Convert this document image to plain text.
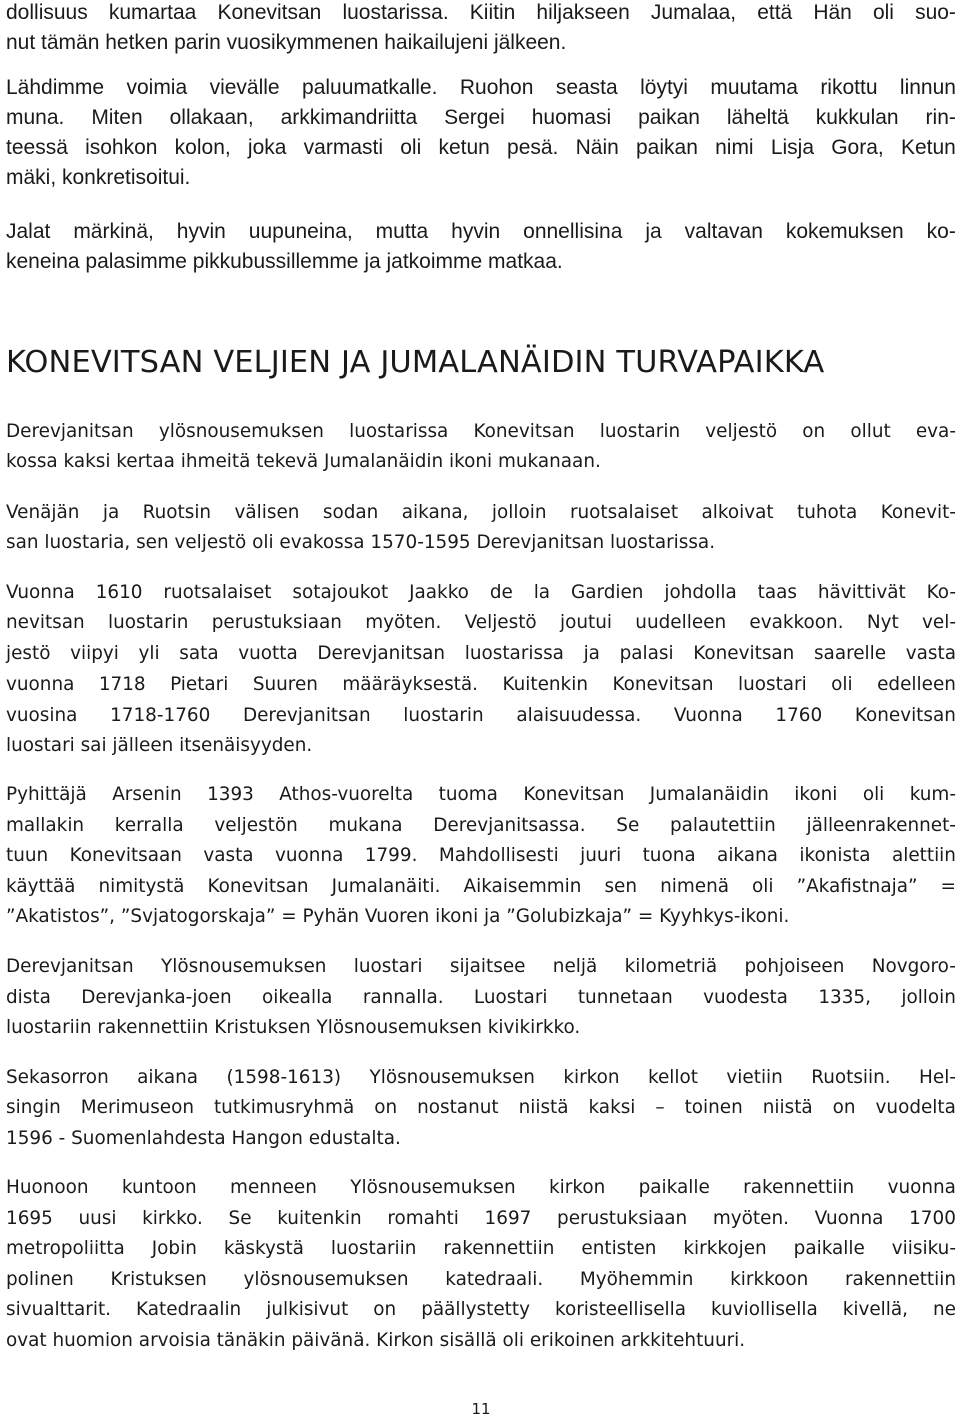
dollisuus kumartaa Konevitsan luostarissa. Kiitin hiljakseen Jumalaa, että Hän oli suo-
nut tämän hetken parin vuosikymmenen haikailujeni jälkeen.
Lähdimme voimia vievälle paluumatkalle. Ruohon seasta löytyi muutama rikottu linnun
muna. Miten ollakaan, arkkimandriitta Sergei huomasi paikan läheltä kukkulan rin-
teessä isohkon kolon, joka varmasti oli ketun pesä. Näin paikan nimi Lisja Gora, Ketun
mäki, konkretisoitui.
Jalat märkinä, hyvin uupuneina, mutta hyvin onnellisina ja valtavan kokemuksen ko-
keneina palasimme pikkubussillemme ja jatkoimme matkaa.
KONEVITSAN VELJIEN JA JUMALANÄIDIN TURVAPAIKKA
Derevjanitsan ylösnousemuksen luostarissa Konevitsan luostarin veljestö on ollut eva-
kossa kaksi kertaa ihmeitä tekevä Jumalanäidin ikoni mukanaan.
Venäjän ja Ruotsin välisen sodan aikana, jolloin ruotsalaiset alkoivat tuhota Konevit-
san luostaria, sen veljestö oli evakossa 1570-1595 Derevjanitsan luostarissa.
Vuonna 1610 ruotsalaiset sotajoukot Jaakko de la Gardien johdolla taas hävittivät Ko-
nevitsan luostarin perustuksiaan myöten. Veljestö joutui uudelleen evakkoon. Nyt vel-
jestö viipyi yli sata vuotta Derevjanitsan luostarissa ja palasi Konevitsan saarelle vasta
vuonna 1718 Pietari Suuren määräyksestä. Kuitenkin Konevitsan luostari oli edelleen
vuosina 1718-1760 Derevjanitsan luostarin alaisuudessa. Vuonna 1760 Konevitsan
luostari sai jälleen itsenäisyyden.
Pyhittäjä Arsenin 1393 Athos-vuorelta tuoma Konevitsan Jumalanäidin ikoni oli kum-
mallakin kerralla veljestön mukana Derevjanitsassa. Se palautettiin jälleenrakennet-
tuun Konevitsaan vasta vuonna 1799. Mahdollisesti juuri tuona aikana ikonista alettiin
käyttää nimitystä Konevitsan Jumalanäiti. Aikaisemmin sen nimenä oli ”Akafistnaja” =
”Akatistos”, ”Svjatogorskaja” = Pyhän Vuoren ikoni ja ”Golubizkaja” = Kyyhkys-ikoni.
Derevjanitsan Ylösnousemuksen luostari sijaitsee neljä kilometriä pohjoiseen Novgoro-
dista Derevjanka-joen oikealla rannalla. Luostari tunnetaan vuodesta 1335, jolloin
luostariin rakennettiin Kristuksen Ylösnousemuksen kivikirkko.
Sekasorron aikana (1598-1613) Ylösnousemuksen kirkon kellot vietiin Ruotsiin. Hel-
singin Merimuseon tutkimusryhmä on nostanut niistä kaksi – toinen niistä on vuodelta
1596 - Suomenlahdesta Hangon edustalta.
Huonoon kuntoon menneen Ylösnousemuksen kirkon paikalle rakennettiin vuonna
1695 uusi kirkko. Se kuitenkin romahti 1697 perustuksiaan myöten. Vuonna 1700
metropoliitta Jobin käskystä luostariin rakennettiin entisten kirkkojen paikalle viisiku-
polinen Kristuksen ylösnousemuksen katedraali. Myöhemmin kirkkoon rakennettiin
sivualttarit. Katedraalin julkisivut on päällystetty koristeellisella kuviollisella kivellä, ne
ovat huomion arvoisia tänäkin päivänä. Kirkon sisällä oli erikoinen arkkitehtuuri.
11
